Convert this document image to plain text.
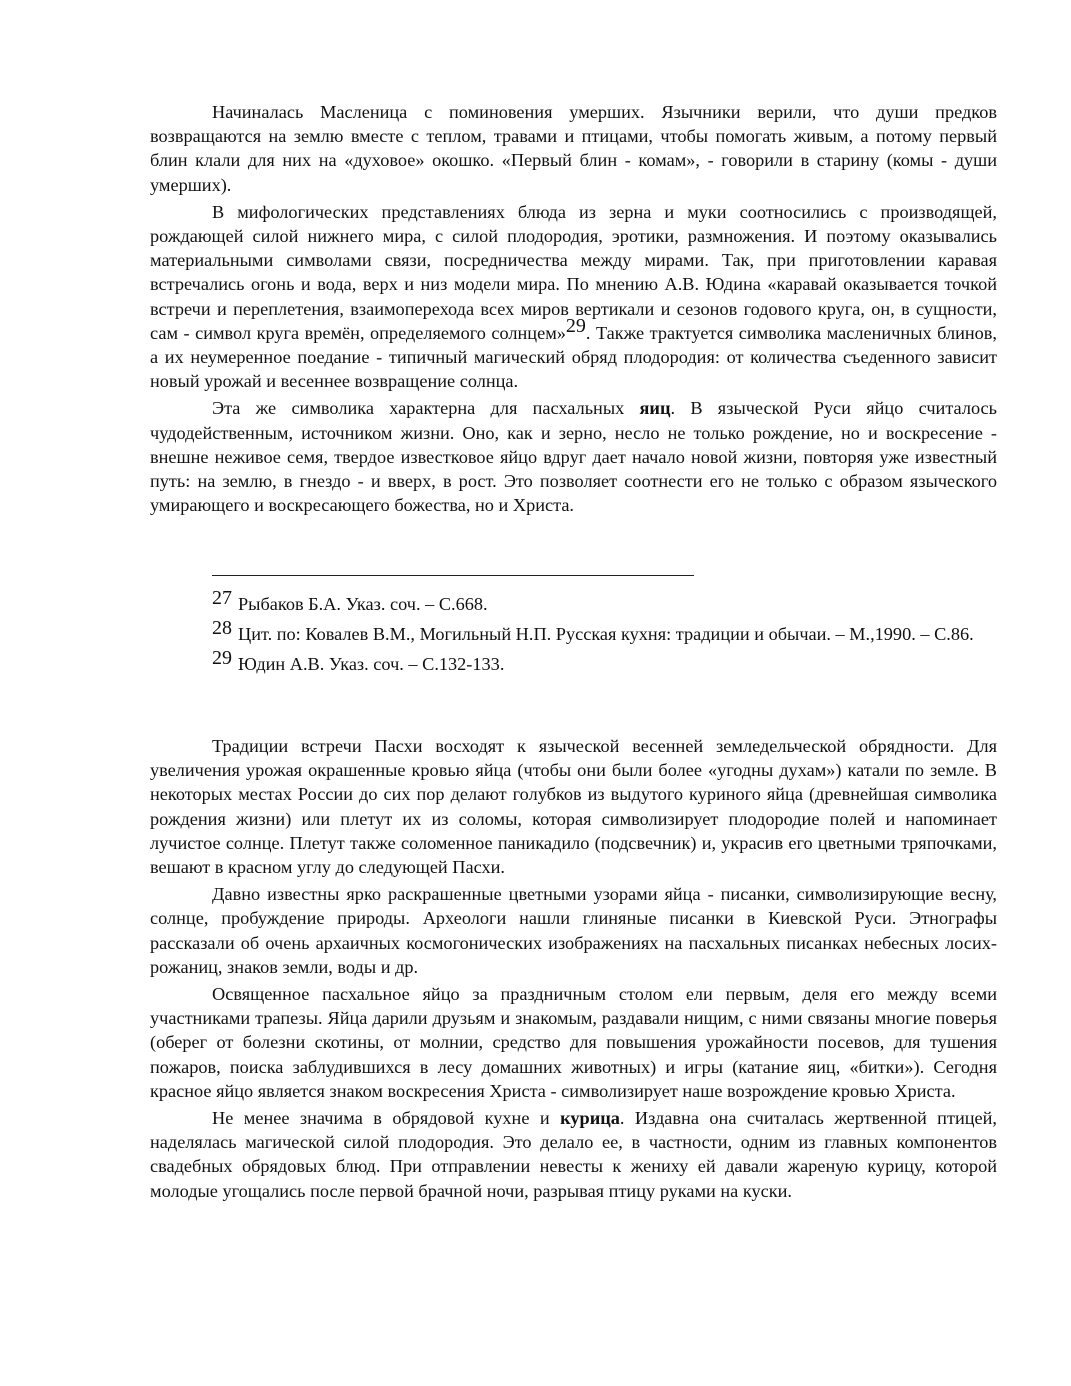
Начиналась Масленица с поминовения умерших. Язычники верили, что души предков возвращаются на землю вместе с теплом, травами и птицами, чтобы помогать живым, а потому первый блин клали для них на «духовое» окошко. «Первый блин - комам», - говорили в старину (комы - души умерших).

В мифологических представлениях блюда из зерна и муки соотносились с производящей, рождающей силой нижнего мира, с силой плодородия, эротики, размножения. И поэтому оказывались материальными символами связи, посредничества между мирами. Так, при приготовлении каравая встречались огонь и вода, верх и низ модели мира. По мнению А.В. Юдина «каравай оказывается точкой встречи и переплетения, взаимоперехода всех миров вертикали и сезонов годового круга, он, в сущности, сам - символ круга времён, определяемого солнцем»$^{29}$. Также трактуется символика масленичных блинов, а их неумеренное поедание - типичный магический обряд плодородия: от количества съеденного зависит новый урожай и весеннее возвращение солнца.

Эта же символика характерна для пасхальных яиц. В языческой Руси яйцо считалось чудодейственным, источником жизни. Оно, как и зерно, несло не только рождение, но и воскресение - внешне неживое семя, твердое известковое яйцо вдруг дает начало новой жизни, повторяя уже известный путь: на землю, в гнездо - и вверх, в рост. Это позволяет соотнести его не только с образом языческого умирающего и воскресающего божества, но и Христа.

27 Рыбаков Б.А. Указ. соч. – С.668.

28 Цит. по: Ковалев В.М., Могильный Н.П. Русская кухня: традиции и обычаи. – М.,1990. – С.86.

29 Юдин А.В. Указ. соч. – С.132-133.

Традиции встречи Пасхи восходят к языческой весенней земледельческой обрядности. Для увеличения урожая окрашенные кровью яйца (чтобы они были более «угодны духам») катали по земле. В некоторых местах России до сих пор делают голубков из выдутого куриного яйца (древнейшая символика рождения жизни) или плетут их из соломы, которая символизирует плодородие полей и напоминает лучистое солнце. Плетут также соломенное паникадило (подсвечник) и, украсив его цветными тряпочками, вешают в красном углу до следующей Пасхи.

Давно известны ярко раскрашенные цветными узорами яйца - писанки, символизирующие весну, солнце, пробуждение природы. Археологи нашли глиняные писанки в Киевской Руси. Этнографы рассказали об очень архаичных космогонических изображениях на пасхальных писанках небесных лосих-рожаниц, знаков земли, воды и др.

Освященное пасхальное яйцо за праздничным столом ели первым, деля его между всеми участниками трапезы. Яйца дарили друзьям и знакомым, раздавали нищим, с ними связаны многие поверья (оберег от болезни скотины, от молнии, средство для повышения урожайности посевов, для тушения пожаров, поиска заблудившихся в лесу домашних животных) и игры (катание яиц, «битки»). Сегодня красное яйцо является знаком воскресения Христа - символизирует наше возрождение кровью Христа.

Не менее значима в обрядовой кухне и курица. Издавна она считалась жертвенной птицей, наделялась магической силой плодородия. Это делало ее, в частности, одним из главных компонентов свадебных обрядовых блюд. При отправлении невесты к жениху ей давали жареную курицу, которой молодые угощались после первой брачной ночи, разрывая птицу руками на куски.
